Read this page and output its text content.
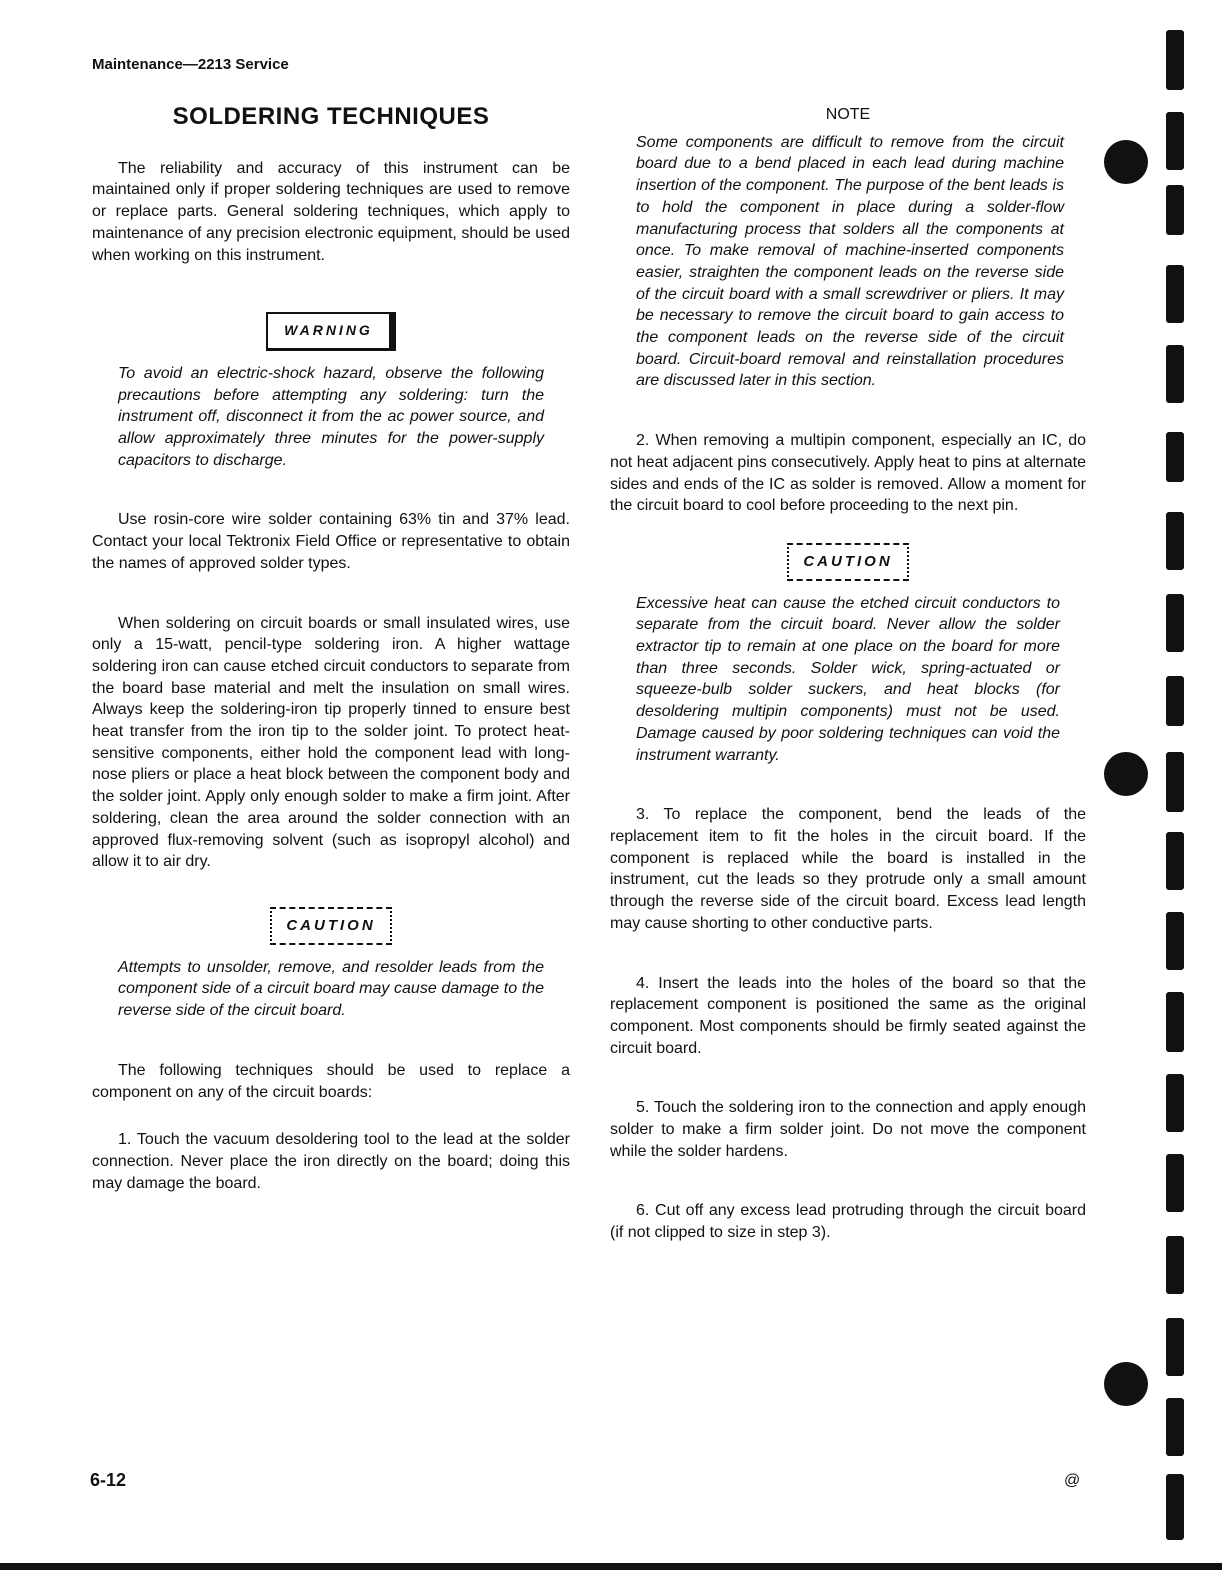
Maintenance—2213 Service
SOLDERING TECHNIQUES

The reliability and accuracy of this instrument can be maintained only if proper soldering techniques are used to remove or replace parts. General soldering techniques, which apply to maintenance of any precision electronic equipment, should be used when working on this instrument.

WARNING

To avoid an electric-shock hazard, observe the following precautions before attempting any soldering: turn the instrument off, disconnect it from the ac power source, and allow approximately three minutes for the power-supply capacitors to discharge.

Use rosin-core wire solder containing 63% tin and 37% lead. Contact your local Tektronix Field Office or representative to obtain the names of approved solder types.

When soldering on circuit boards or small insulated wires, use only a 15-watt, pencil-type soldering iron. A higher wattage soldering iron can cause etched circuit conductors to separate from the board base material and melt the insulation on small wires. Always keep the soldering-iron tip properly tinned to ensure best heat transfer from the iron tip to the solder joint. To protect heat-sensitive components, either hold the component lead with long-nose pliers or place a heat block between the component body and the solder joint. Apply only enough solder to make a firm joint. After soldering, clean the area around the solder connection with an approved flux-removing solvent (such as isopropyl alcohol) and allow it to air dry.

CAUTION

Attempts to unsolder, remove, and resolder leads from the component side of a circuit board may cause damage to the reverse side of the circuit board.

The following techniques should be used to replace a component on any of the circuit boards:

1. Touch the vacuum desoldering tool to the lead at the solder connection. Never place the iron directly on the board; doing this may damage the board.

NOTE

Some components are difficult to remove from the circuit board due to a bend placed in each lead during machine insertion of the component. The purpose of the bent leads is to hold the component in place during a solder-flow manufacturing process that solders all the components at once. To make removal of machine-inserted components easier, straighten the component leads on the reverse side of the circuit board with a small screwdriver or pliers. It may be necessary to remove the circuit board to gain access to the component leads on the reverse side of the circuit board. Circuit-board removal and reinstallation procedures are discussed later in this section.

2. When removing a multipin component, especially an IC, do not heat adjacent pins consecutively. Apply heat to pins at alternate sides and ends of the IC as solder is removed. Allow a moment for the circuit board to cool before proceeding to the next pin.

CAUTION

Excessive heat can cause the etched circuit conductors to separate from the circuit board. Never allow the solder extractor tip to remain at one place on the board for more than three seconds. Solder wick, spring-actuated or squeeze-bulb solder suckers, and heat blocks (for desoldering multipin components) must not be used. Damage caused by poor soldering techniques can void the instrument warranty.

3. To replace the component, bend the leads of the replacement item to fit the holes in the circuit board. If the component is replaced while the board is installed in the instrument, cut the leads so they protrude only a small amount through the reverse side of the circuit board. Excess lead length may cause shorting to other conductive parts.

4. Insert the leads into the holes of the board so that the replacement component is positioned the same as the original component. Most components should be firmly seated against the circuit board.

5. Touch the soldering iron to the connection and apply enough solder to make a firm solder joint. Do not move the component while the solder hardens.

6. Cut off any excess lead protruding through the circuit board (if not clipped to size in step 3).

6-12	@
